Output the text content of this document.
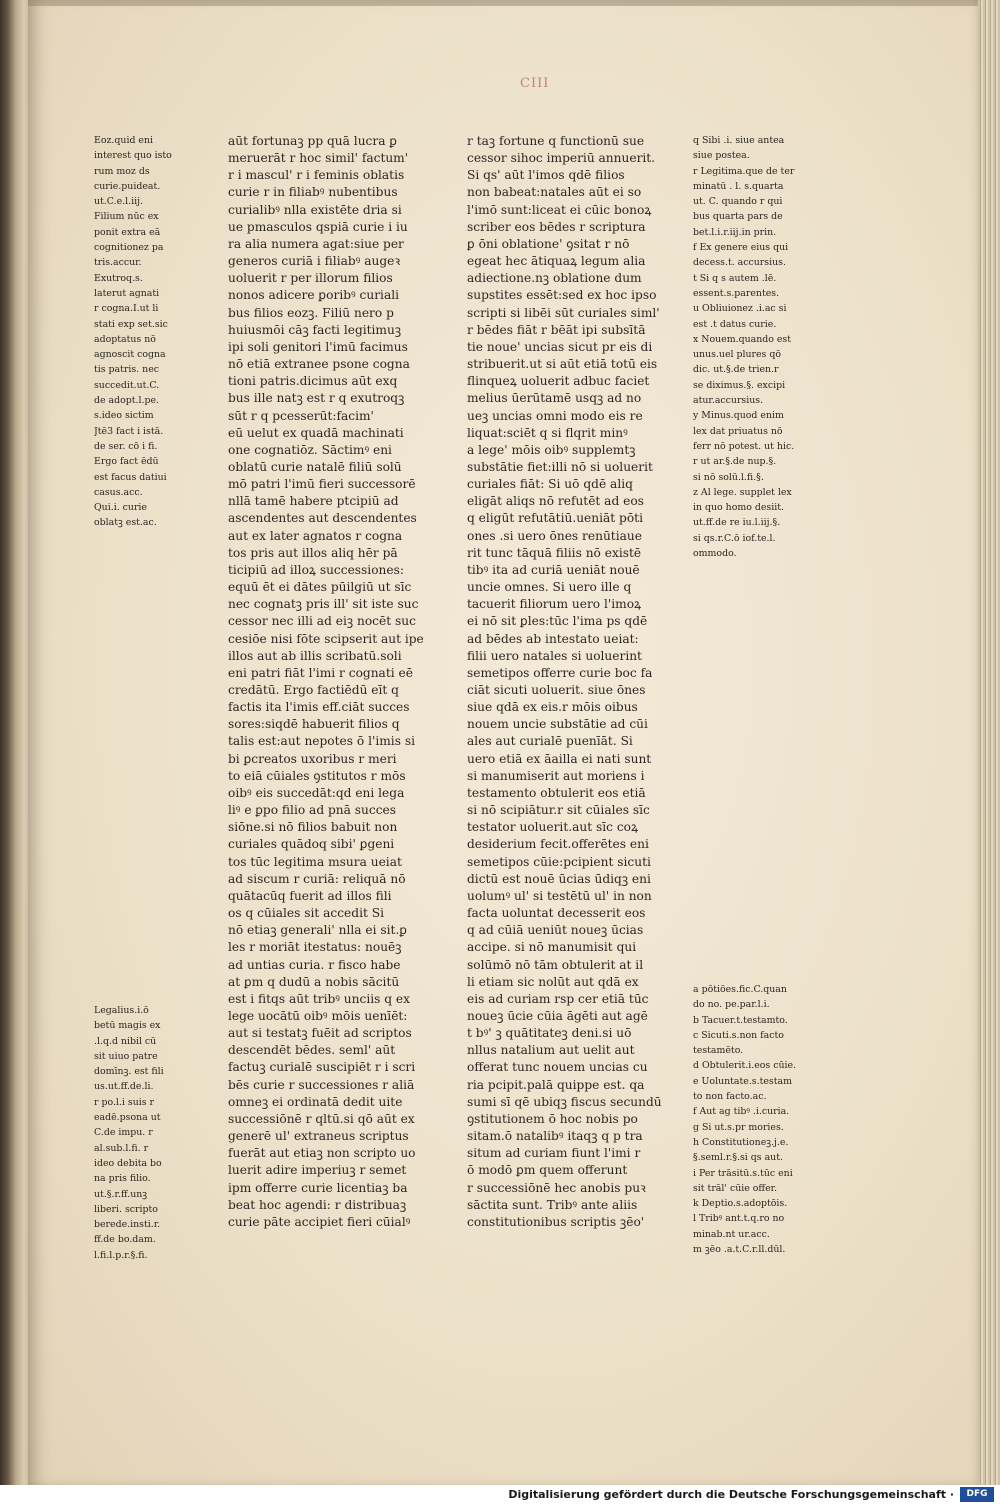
CIII
Eoz.quid eni
interest quo isto
rum moz ds
curie.puideat.
ut.C.e.l.iij.
Filium nūc ex
ponit extra eā
cognitionez pa
tris.accur.
Exutroq.s.
laterut agnati
r cogna.I.ut li
stati exp set.sic
adoptatus nō
agnoscit cogna
tis patris. nec
succedit.ut.C.
de adopt.l.pe.
s.ideo sictim
Jtē3 fact i istā.
de ser. cō i fi.
Ergo fact ēdū
est facus datiui
casus.acc.
Qui.i. curie
oblatꝫ est.ac.
Legalius.i.ō
betū magis ex
.l.q.d nibil cū
sit uiuo patre
domīnꝫ. est fili
us.ut.ff.de.li.
r po.l.i suis r
eadē.psona ut
C.de impu. r
al.sub.l.fi. r
ideo debita bo
na pris filio.
ut.§.r.ff.unꝫ
liberi. scripto
berede.insti.r.
ff.de bo.dam.
l.fi.l.p.r.§.fi.
aūt fortunaꝫ pp quā lucra ꝑ
meruerāt r hoc simil' factum'
r i mascul' r i feminis oblatis
curie r in filiabꝰ nubentibus
curialibꝰ nlla existēte dria si
ue pmasculos qspiā curie i iu
ra alia numera agat:siue per
generos curiā i filiabꝰ augeꝛ
uoluerit r per illorum filios
nonos adicere ꝑoribꝰ curiali
bus filios eozꝫ. Filiū nero p
huiusmōi cāꝫ facti legitimuꝫ
ipi soli genitori l'imū facimus
nō etiā extranee psone cogna
tioni patris.dicimus aūt exq
bus ille natꝫ est r q exutroqꝫ
sūt r q pcesserūt:facim'
eū uelut ex quadā machinati
one cognatiōz. Sāctimꝰ eni
oblatū curie natalē filiū solū
mō patri l'imū fieri successorē
nllā tamē habere ptcipiū ad
ascendentes aut descendentes
aut ex later agnatos r cogna
tos pris aut illos aliq hēr pā
ticipiū ad illoꝝ successiones:
equū ēt ei dātes pūilgiū ut sīc
nec cognatꝫ pris ill' sit iste suc
cessor nec illi ad eiꝫ nocēt suc
cesiōe nisi fōte scipserit aut ipe
illos aut ab illis scribatū.soli
eni patri fiāt l'imi r cognati eē
credātū. Ergo factiēdū eīt q
factis ita l'imis eff.ciāt succes
sores:siqdē habuerit filios q
talis est:aut nepotes ō l'imis si
bi ꝑcreatos uxoribus r meri
to eiā cūiales ꝯstitutos r mōs
oibꝰ eis succedāt:qd eni lega
liꝰ e ꝑpo filio ad pnā succes
siōne.si nō filios babuit non
curiales quādoq sibi' ꝑgeni
tos tūc legitima msura ueiat
ad siscum r curiā: reliquā nō
quātacūq fuerit ad illos fili
os q cūiales sit accedit Si
nō etiaꝫ generali' nlla ei sit.ꝑ
les r moriāt itestatus: nouēꝫ
ad untias curia. r fisco habe
at ꝑm q dudū a nobis sācitū
est i fitqs aūt tribꝰ unciis q ex
lege uocātū oibꝰ mōis uenīēt:
aut si testatꝫ fuēit ad scriptos
descendēt bēdes. seml' aūt
factuꝫ curialē suscipiēt r i scri
bēs curie r successiones r aliā
omneꝫ ei ordinatā dedit uite
successiōnē r qltū.si qō aūt ex
generē ul' extraneus scriptus
fuerāt aut etiaꝫ non scripto uo
luerit adire imperiuꝫ r semet
ipm offerre curie licentiaꝫ ba
beat hoc agendi: r distribuaꝫ
curie pāte accipiet fieri cūialꝰ
r taꝫ fortune q functionū sue
cessor sihoc imperiū annuerit.
Si qs' aūt l'imos qdē filios
non babeat:natales aūt ei so
l'imō sunt:liceat ei cūic bonoꝝ
scriber eos bēdes r scriptura
ꝑ ōni oblatione' ꝯsitat r nō
egeat hec ātiquaꝝ legum alia
adiectione.nꝫ oblatione dum
supstites essēt:sed ex hoc ipso
scripti si libēi sūt curiales siml'
r bēdes fiāt r bēāt ipi subsītā
tie noue' uncias sicut pr eis di
stribuerit.ut si aūt etiā totū eis
flinqueꝝ uoluerit adbuc faciet
melius ūerūtamē usqꝫ ad no
ueꝫ uncias omni modo eis re
liquat:sciēt q si flqrit minꝰ
a lege' mōis oibꝰ supplemtꝫ
substātie fiet:illi nō si uoluerit
curiales fiāt: Si uō qdē aliq
eligāt aliqs nō refutēt ad eos
q eligūt refutātiū.ueniāt pōti
ones .si uero ōnes renūtiaue
rit tunc tāquā filiis nō existē
tibꝰ ita ad curiā ueniāt nouē
uncie omnes. Si uero ille q
tacuerit filiorum uero l'imoꝝ
ei nō sit ꝑles:tūc l'ima ps qdē
ad bēdes ab intestato ueiat:
filii uero natales si uoluerint
semetipos offerre curie boc fa
ciāt sicuti uoluerit. siue ōnes
siue qdā ex eis.r mōis oibus
nouem uncie substātie ad cūi
ales aut curialē puenīāt. Si
uero etiā ex āailla ei nati sunt
si manumiserit aut moriens i
testamento obtulerit eos etiā
si nō scipiātur.r sit cūiales sīc
testator uoluerit.aut sīc coꝝ
desiderium fecit.offerētes eni
semetipos cūie:pcipient sicuti
dictū est nouē ūcias ūdiqꝫ eni
uolumꝰ ul' si testētū ul' in non
facta uoluntat decesserit eos
q ad cūiā ueniūt noueꝫ ūcias
accipe. si nō manumisit qui
solūmō nō tām obtulerit at il
li etiam sic nolūt aut qdā ex
eis ad curiam rsp cer etiā tūc
noueꝫ ūcie cūia āgēti aut agē
t bꝰ' ꝫ quātitateꝫ deni.si uō
nllus natalium aut uelit aut
offerat tunc nouem uncias cu
ria pcipit.palā quippe est. qa
sumi sī qē ubiqꝫ fiscus secundū
ꝯstitutionem ō hoc nobis po
sitam.ō natalibꝰ itaqꝫ q p tra
situm ad curiam fiunt l'imi r
ō modō ꝑm quem offerunt
r successiōnē hec anobis puꝛ
sāctita sunt. Tribꝰ ante aliis
constitutionibus scriptis ꝫēo'
q Sibi .i. siue antea
siue postea.
r Legitima.que de ter
minatū . l. s.quarta
ut. C. quando r qui
bus quarta pars de
bet.l.i.r.iij.in prin.
f Ex genere eius qui
decess.t. accursius.
t Si q s autem .lē.
essent.s.parentes.
u Obliuionez .i.ac si
est .t datus curie.
x Nouem.quando est
unus.uel plures qō
dic. ut.§.de trien.r
se diximus.§. excipi
atur.accursius.
y Minus.quod enim
lex dat priuatus nō
ferr nō potest. ut hic.
r ut ar.§.de nup.§.
si nō solū.l.fi.§.
z Al lege. supplet lex
in quo homo desiit.
ut.ff.de re iu.l.iij.§.
si qs.r.C.ō iof.te.l.
ommodo.
a pōtiōes.fic.C.quan
do no. pe.par.l.i.
b Tacuer.t.testamto.
c Sicuti.s.non facto
testamēto.
d Obtulerit.i.eos cūie.
e Uoluntate.s.testam
to non facto.ac.
f Aut ag tibꝰ .i.curia.
g Si ut.s.pr mories.
h Constitutioneꝫ.j.e.
§.seml.r.§.si qs aut.
i Per trāsitū.s.tūc eni
sit trāl' cūie offer.
k Deptio.s.adoptōis.
l Tribꝰ ant.t.q.ro no
minab.nt ur.acc.
m ꝫēo .a.t.C.r.ll.dūl.
Digitalisierung gefördert durch die Deutsche Forschungsgemeinschaft ·	DFG
